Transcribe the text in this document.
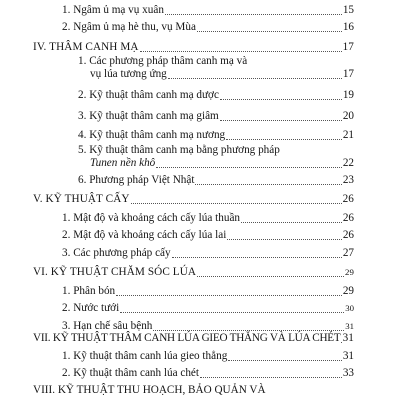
1. Ngâm ủ mạ vụ xuân	15
2. Ngâm ủ mạ hè thu, vụ Mùa	16
IV. THÂM CANH MẠ	17
1. Các phương pháp thâm canh mạ và
vụ lúa tương ứng	17
2. Kỹ thuật thâm canh mạ dược	19
3. Kỹ thuật thâm canh mạ giâm	20
4. Kỹ thuật thâm canh mạ nương	21
5. Kỹ thuật thâm canh mạ bằng phương pháp
Tunen nền khô	22
6. Phương pháp Việt Nhật	23
V. KỸ THUẬT CẤY	26
1. Mật độ và khoảng cách cấy lúa thuần	26
2. Mật độ và khoảng cách cấy lúa lai	26
3. Các phương pháp cấy	27
VI. KỸ THUẬT CHĂM SÓC LÚA	29
1. Phân bón	29
2. Nước tưới	30
3. Hạn chế sâu bệnh	31
VII. KỸ THUẬT THÂM CANH LÚA GIEO THẲNG VÀ LÚA CHÉT 31
1. Kỹ thuật thâm canh lúa gieo thẳng	31
2. Kỹ thuật thâm canh lúa chét	33
VIII. KỸ THUẬT THU HOẠCH, BẢO QUẢN VÀ
